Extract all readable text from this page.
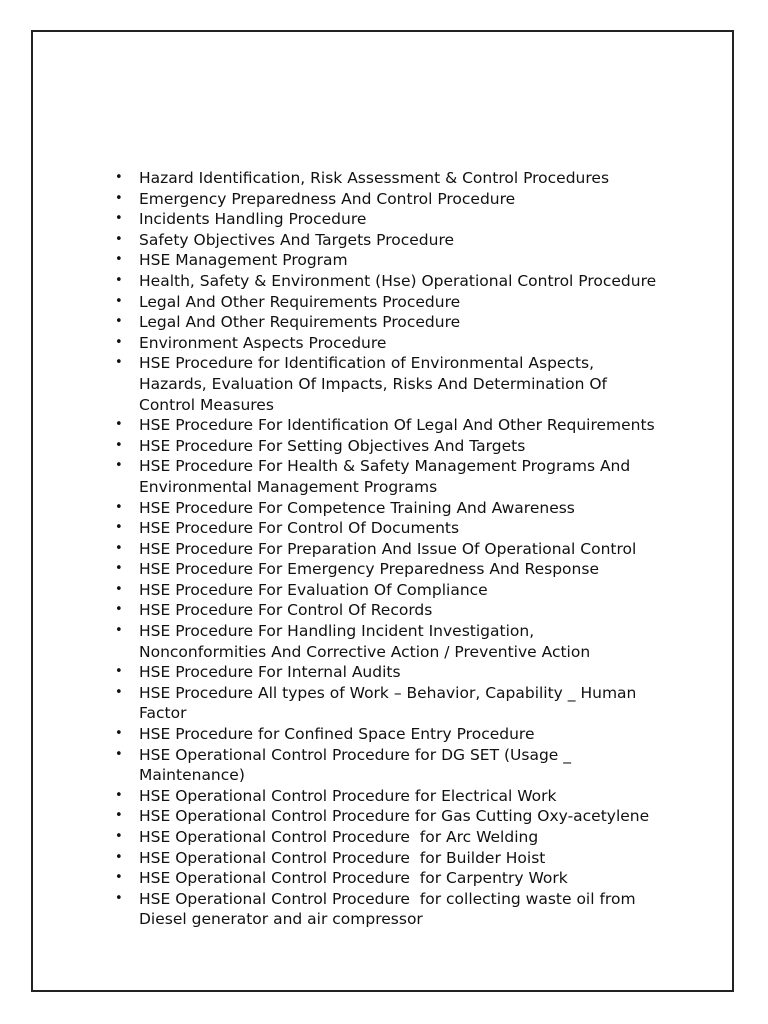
• Hazard Identification, Risk Assessment & Control Procedures
• Emergency Preparedness And Control Procedure
• Incidents Handling Procedure
• Safety Objectives And Targets Procedure
• HSE Management Program
• Health, Safety & Environment (Hse) Operational Control Procedure
• Legal And Other Requirements Procedure
• Legal And Other Requirements Procedure
• Environment Aspects Procedure
• HSE Procedure for Identification of Environmental Aspects,
Hazards, Evaluation Of Impacts, Risks And Determination Of
Control Measures
• HSE Procedure For Identification Of Legal And Other Requirements
• HSE Procedure For Setting Objectives And Targets
• HSE Procedure For Health & Safety Management Programs And
Environmental Management Programs
• HSE Procedure For Competence Training And Awareness
• HSE Procedure For Control Of Documents
• HSE Procedure For Preparation And Issue Of Operational Control
• HSE Procedure For Emergency Preparedness And Response
• HSE Procedure For Evaluation Of Compliance
• HSE Procedure For Control Of Records
• HSE Procedure For Handling Incident Investigation,
Nonconformities And Corrective Action / Preventive Action
• HSE Procedure For Internal Audits
• HSE Procedure All types of Work – Behavior, Capability _ Human
Factor
• HSE Procedure for Confined Space Entry Procedure
• HSE Operational Control Procedure for DG SET (Usage _
Maintenance)
• HSE Operational Control Procedure for Electrical Work
• HSE Operational Control Procedure for Gas Cutting Oxy-acetylene
• HSE Operational Control Procedure  for Arc Welding
• HSE Operational Control Procedure  for Builder Hoist
• HSE Operational Control Procedure  for Carpentry Work
• HSE Operational Control Procedure  for collecting waste oil from
Diesel generator and air compressor
